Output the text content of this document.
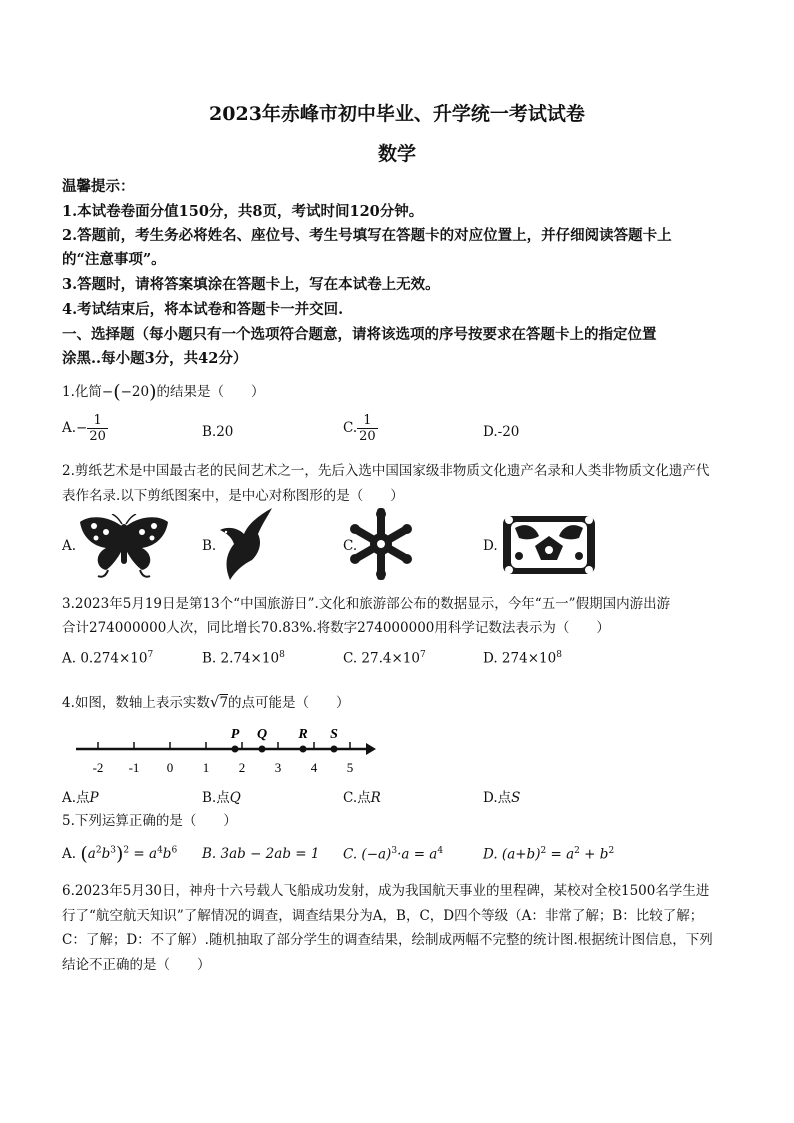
2023年赤峰市初中毕业、升学统一考试试卷
数学
温馨提示：
1.本试卷卷面分值150分，共8页，考试时间120分钟。
2.答题前，考生务必将姓名、座位号、考生号填写在答题卡的对应位置上，并仔细阅读答题卡上
的“注意事项”。
3.答题时，请将答案填涂在答题卡上，写在本试卷上无效。
4.考试结束后，将本试卷和答题卡一并交回.
一、选择题（每小题只有一个选项符合题意，请将该选项的序号按要求在答题卡上的指定位置
涂黑..每小题3分，共42分）
1.化简−(−20)的结果是（　　）
$A.- \frac{1}{20}$	B.20	C. $\frac{1}{20}$	D.-20
2.剪纸艺术是中国最古老的民间艺术之一，先后入选中国国家级非物质文化遗产名录和人类非物质文化遗产代
表作名录.以下剪纸图案中，是中心对称图形的是（　　）
A.	B.	C.	D.
3.2023年5月19日是第13个“中国旅游日”.文化和旅游部公布的数据显示，今年“五一”假期国内游出游
合计274000000人次，同比增长70.83%.将数字274000000用科学记数法表示为（　　）
A. $0.274\times 10^7$	B. $2.74\times 10^8$	C. $27.4\times 10^7$	D. $274\times 10^8$
4.如图，数轴上表示实数√7的点可能是（　　）
-2 -1 0 1 2 3 4 5
P Q R S
A.点P	B.点Q	C.点R	D.点S
5.下列运算正确的是（　　）
A. $(a^2b^3)^2 = a^4b^6$ B. 3ab − 2ab = 1 C. $(-a)^3\cdot a = a^4$	D. $(a+b)^2 = a^2 + b^2$
6.2023年5月30日，神舟十六号载人飞船成功发射，成为我国航天事业的里程碑，某校对全校1500名学生进
行了“航空航天知识”了解情况的调查，调查结果分为A，B，C，D四个等级（A：非常了解；B：比较了解；
C：了解；D：不了解）.随机抽取了部分学生的调查结果，绘制成两幅不完整的统计图.根据统计图信息，下列
结论不正确的是（　　）
